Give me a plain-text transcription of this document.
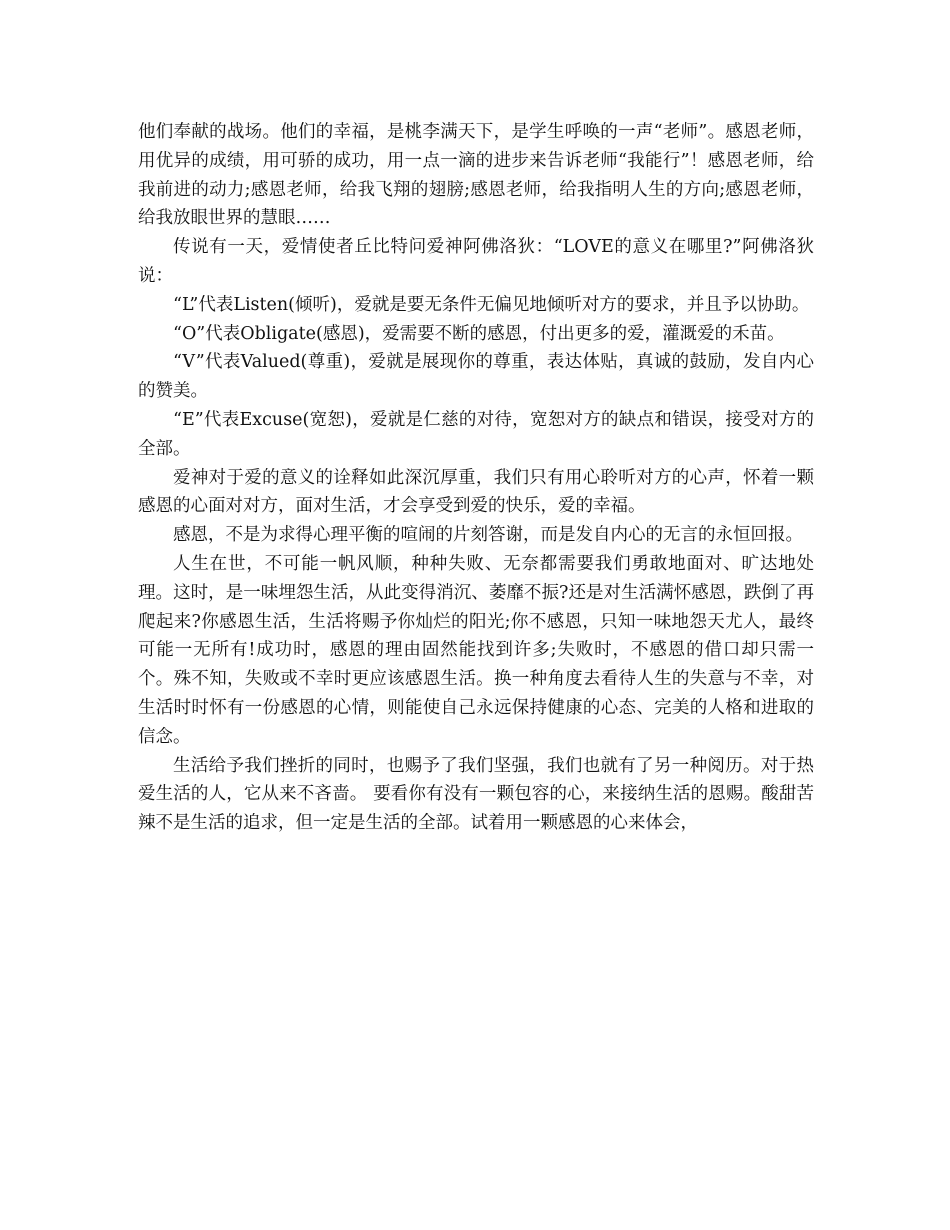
他们奉献的战场。他们的幸福，是桃李满天下，是学生呼唤的一声“老师”。感恩老师，用优异的成绩，用可骄的成功，用一点一滴的进步来告诉老师“我能行”！感恩老师，给我前进的动力;感恩老师，给我飞翔的翅膀;感恩老师，给我指明人生的方向;感恩老师，给我放眼世界的慧眼……

传说有一天，爱情使者丘比特问爱神阿佛洛狄：“LOVE的意义在哪里?”阿佛洛狄说：

“L”代表Listen(倾听)，爱就是要无条件无偏见地倾听对方的要求，并且予以协助。

“O”代表Obligate(感恩)，爱需要不断的感恩，付出更多的爱，灌溉爱的禾苗。

“V”代表Valued(尊重)，爱就是展现你的尊重，表达体贴，真诚的鼓励，发自内心的赞美。

“E”代表Excuse(宽恕)，爱就是仁慈的对待，宽恕对方的缺点和错误，接受对方的全部。

爱神对于爱的意义的诠释如此深沉厚重，我们只有用心聆听对方的心声，怀着一颗感恩的心面对对方，面对生活，才会享受到爱的快乐，爱的幸福。

感恩，不是为求得心理平衡的喧闹的片刻答谢，而是发自内心的无言的永恒回报。

人生在世，不可能一帆风顺，种种失败、无奈都需要我们勇敢地面对、旷达地处理。这时，是一味埋怨生活，从此变得消沉、萎靡不振?还是对生活满怀感恩，跌倒了再爬起来?你感恩生活，生活将赐予你灿烂的阳光;你不感恩，只知一味地怨天尤人，最终可能一无所有!成功时，感恩的理由固然能找到许多;失败时，不感恩的借口却只需一个。殊不知，失败或不幸时更应该感恩生活。换一种角度去看待人生的失意与不幸，对生活时时怀有一份感恩的心情，则能使自己永远保持健康的心态、完美的人格和进取的信念。

生活给予我们挫折的同时，也赐予了我们坚强，我们也就有了另一种阅历。对于热爱生活的人，它从来不吝啬。 要看你有没有一颗包容的心，来接纳生活的恩赐。酸甜苦辣不是生活的追求，但一定是生活的全部。试着用一颗感恩的心来体会，
